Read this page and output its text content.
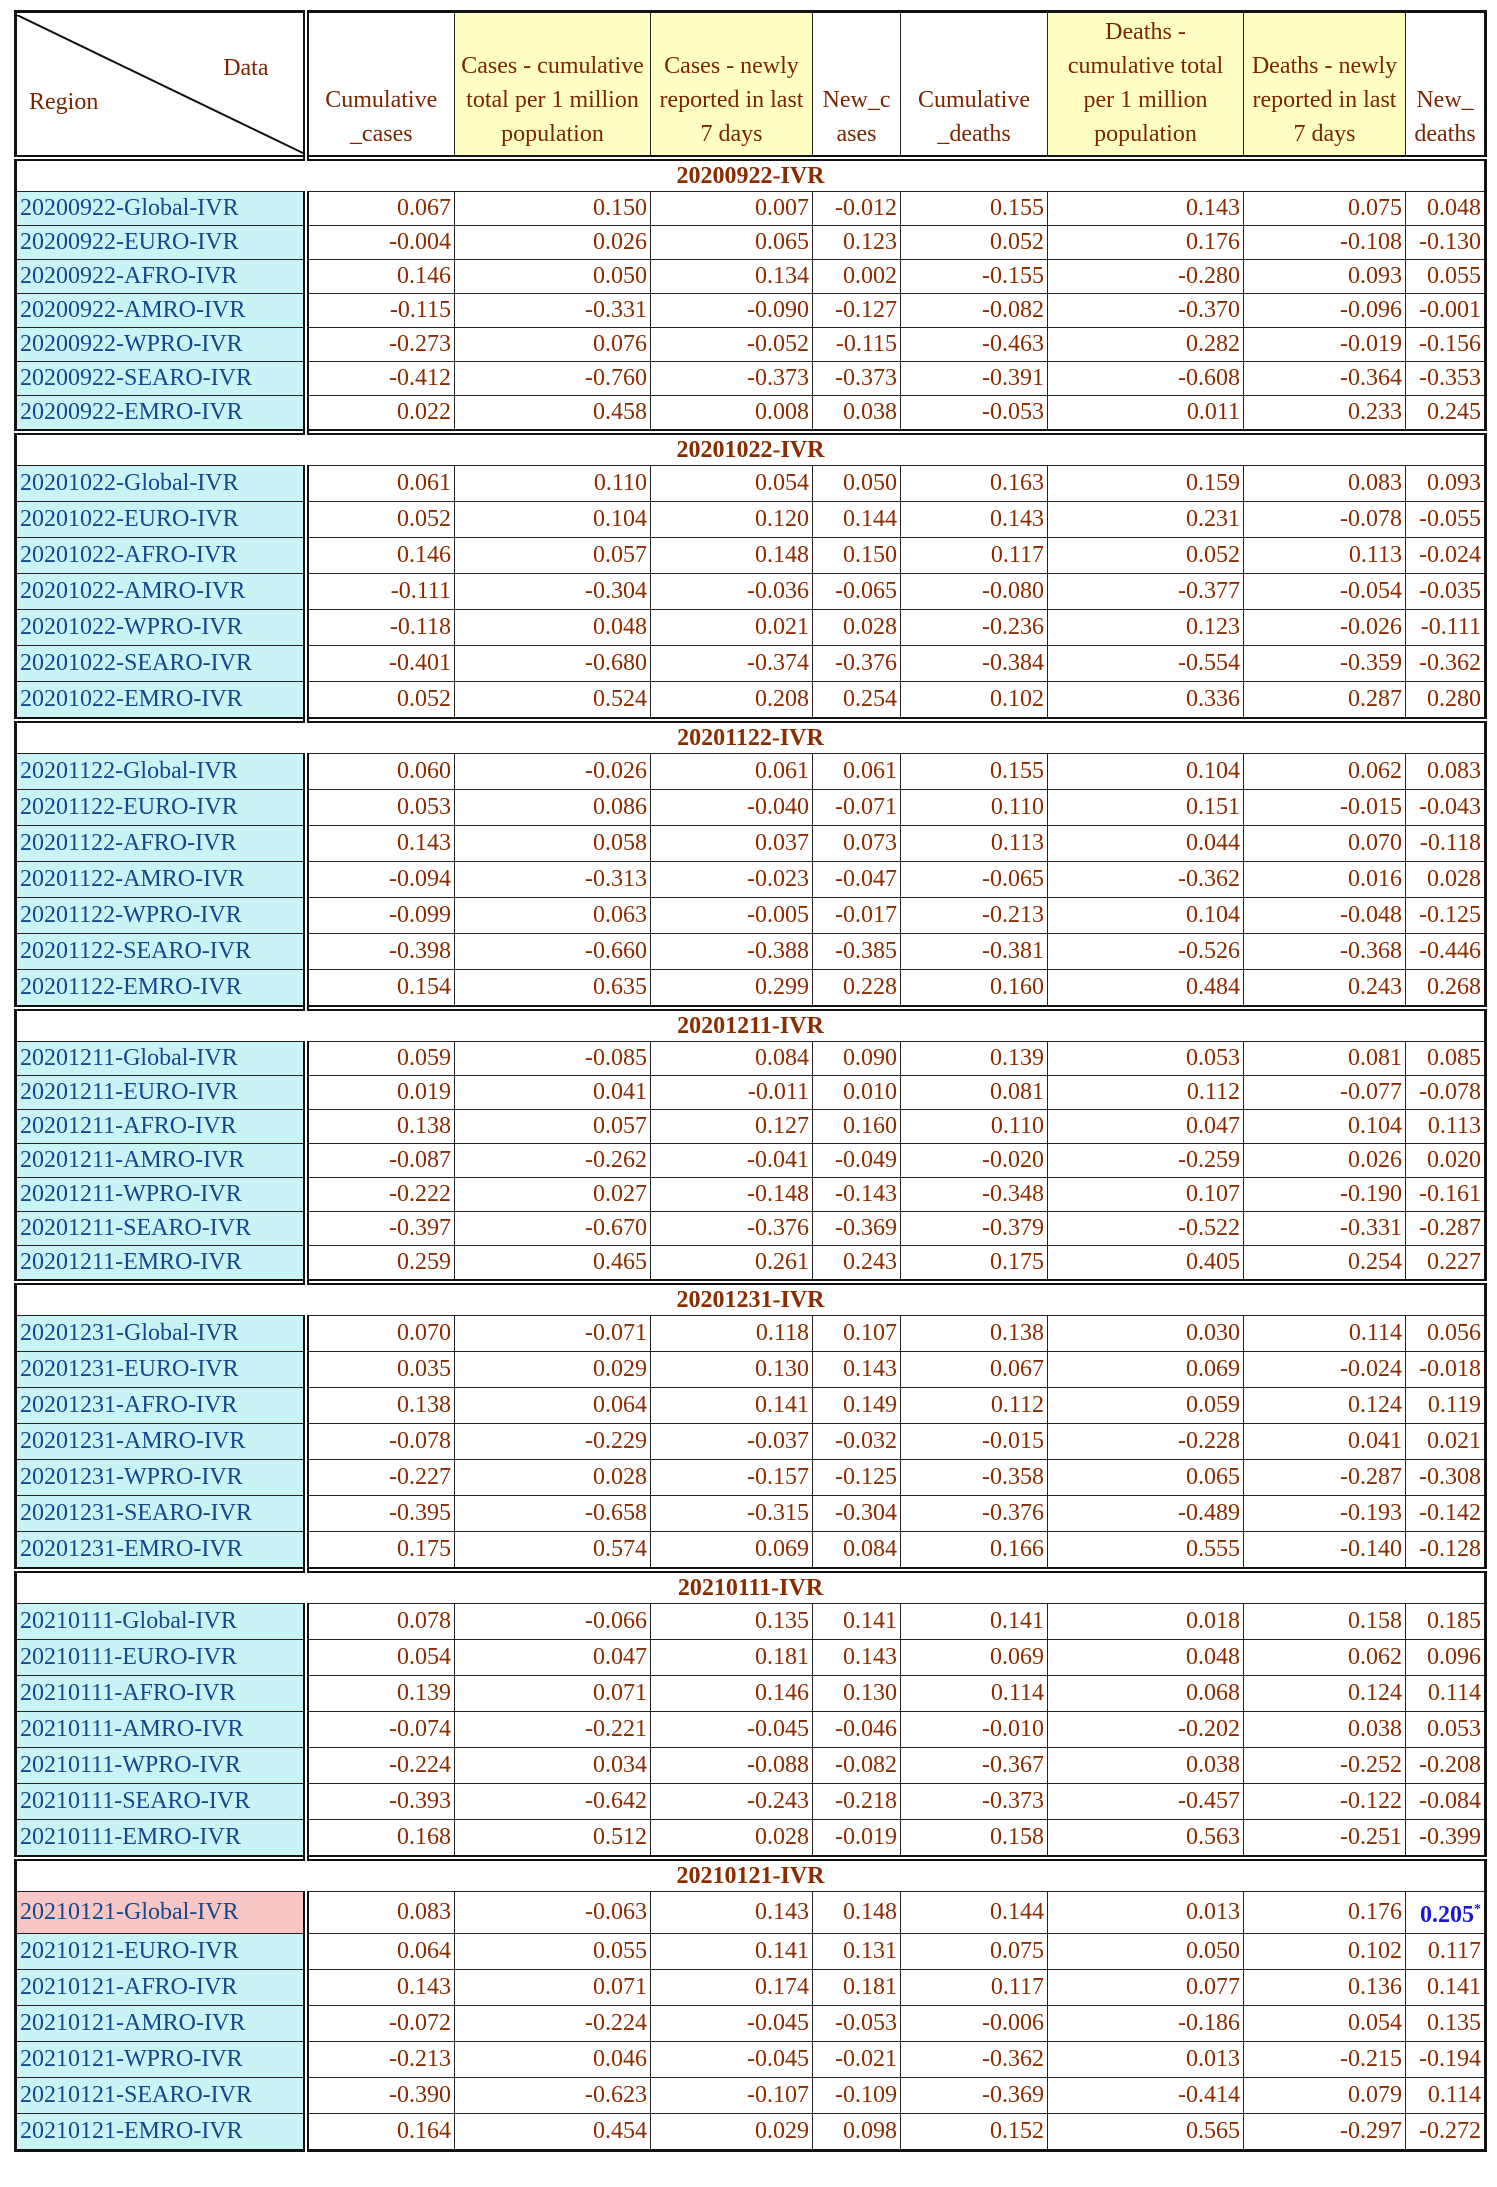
Data
Region	Cumulative _cases	Cases - cumulative total per 1 million population	Cases - newly reported in last 7 days	New_c ases	Cumulative _deaths	Deaths - cumulative total per 1 million population	Deaths - newly reported in last 7 days	New_ deaths
20200922-IVR								
20200922-Global-IVR	0.067	0.150	0.007	-0.012	0.155	0.143	0.075	0.048
20200922-EURO-IVR	-0.004	0.026	0.065	0.123	0.052	0.176	-0.108	-0.130
20200922-AFRO-IVR	0.146	0.050	0.134	0.002	-0.155	-0.280	0.093	0.055
20200922-AMRO-IVR	-0.115	-0.331	-0.090	-0.127	-0.082	-0.370	-0.096	-0.001
20200922-WPRO-IVR	-0.273	0.076	-0.052	-0.115	-0.463	0.282	-0.019	-0.156
20200922-SEARO-IVR	-0.412	-0.760	-0.373	-0.373	-0.391	-0.608	-0.364	-0.353
20200922-EMRO-IVR	0.022	0.458	0.008	0.038	-0.053	0.011	0.233	0.245
20201022-IVR								
20201022-Global-IVR	0.061	0.110	0.054	0.050	0.163	0.159	0.083	0.093
20201022-EURO-IVR	0.052	0.104	0.120	0.144	0.143	0.231	-0.078	-0.055
20201022-AFRO-IVR	0.146	0.057	0.148	0.150	0.117	0.052	0.113	-0.024
20201022-AMRO-IVR	-0.111	-0.304	-0.036	-0.065	-0.080	-0.377	-0.054	-0.035
20201022-WPRO-IVR	-0.118	0.048	0.021	0.028	-0.236	0.123	-0.026	-0.111
20201022-SEARO-IVR	-0.401	-0.680	-0.374	-0.376	-0.384	-0.554	-0.359	-0.362
20201022-EMRO-IVR	0.052	0.524	0.208	0.254	0.102	0.336	0.287	0.280
20201122-IVR								
20201122-Global-IVR	0.060	-0.026	0.061	0.061	0.155	0.104	0.062	0.083
20201122-EURO-IVR	0.053	0.086	-0.040	-0.071	0.110	0.151	-0.015	-0.043
20201122-AFRO-IVR	0.143	0.058	0.037	0.073	0.113	0.044	0.070	-0.118
20201122-AMRO-IVR	-0.094	-0.313	-0.023	-0.047	-0.065	-0.362	0.016	0.028
20201122-WPRO-IVR	-0.099	0.063	-0.005	-0.017	-0.213	0.104	-0.048	-0.125
20201122-SEARO-IVR	-0.398	-0.660	-0.388	-0.385	-0.381	-0.526	-0.368	-0.446
20201122-EMRO-IVR	0.154	0.635	0.299	0.228	0.160	0.484	0.243	0.268
20201211-IVR								
20201211-Global-IVR	0.059	-0.085	0.084	0.090	0.139	0.053	0.081	0.085
20201211-EURO-IVR	0.019	0.041	-0.011	0.010	0.081	0.112	-0.077	-0.078
20201211-AFRO-IVR	0.138	0.057	0.127	0.160	0.110	0.047	0.104	0.113
20201211-AMRO-IVR	-0.087	-0.262	-0.041	-0.049	-0.020	-0.259	0.026	0.020
20201211-WPRO-IVR	-0.222	0.027	-0.148	-0.143	-0.348	0.107	-0.190	-0.161
20201211-SEARO-IVR	-0.397	-0.670	-0.376	-0.369	-0.379	-0.522	-0.331	-0.287
20201211-EMRO-IVR	0.259	0.465	0.261	0.243	0.175	0.405	0.254	0.227
20201231-IVR								
20201231-Global-IVR	0.070	-0.071	0.118	0.107	0.138	0.030	0.114	0.056
20201231-EURO-IVR	0.035	0.029	0.130	0.143	0.067	0.069	-0.024	-0.018
20201231-AFRO-IVR	0.138	0.064	0.141	0.149	0.112	0.059	0.124	0.119
20201231-AMRO-IVR	-0.078	-0.229	-0.037	-0.032	-0.015	-0.228	0.041	0.021
20201231-WPRO-IVR	-0.227	0.028	-0.157	-0.125	-0.358	0.065	-0.287	-0.308
20201231-SEARO-IVR	-0.395	-0.658	-0.315	-0.304	-0.376	-0.489	-0.193	-0.142
20201231-EMRO-IVR	0.175	0.574	0.069	0.084	0.166	0.555	-0.140	-0.128
20210111-IVR								
20210111-Global-IVR	0.078	-0.066	0.135	0.141	0.141	0.018	0.158	0.185
20210111-EURO-IVR	0.054	0.047	0.181	0.143	0.069	0.048	0.062	0.096
20210111-AFRO-IVR	0.139	0.071	0.146	0.130	0.114	0.068	0.124	0.114
20210111-AMRO-IVR	-0.074	-0.221	-0.045	-0.046	-0.010	-0.202	0.038	0.053
20210111-WPRO-IVR	-0.224	0.034	-0.088	-0.082	-0.367	0.038	-0.252	-0.208
20210111-SEARO-IVR	-0.393	-0.642	-0.243	-0.218	-0.373	-0.457	-0.122	-0.084
20210111-EMRO-IVR	0.168	0.512	0.028	-0.019	0.158	0.563	-0.251	-0.399
20210121-IVR								
20210121-Global-IVR	0.083	-0.063	0.143	0.148	0.144	0.013	0.176	0.205*
20210121-EURO-IVR	0.064	0.055	0.141	0.131	0.075	0.050	0.102	0.117
20210121-AFRO-IVR	0.143	0.071	0.174	0.181	0.117	0.077	0.136	0.141
20210121-AMRO-IVR	-0.072	-0.224	-0.045	-0.053	-0.006	-0.186	0.054	0.135
20210121-WPRO-IVR	-0.213	0.046	-0.045	-0.021	-0.362	0.013	-0.215	-0.194
20210121-SEARO-IVR	-0.390	-0.623	-0.107	-0.109	-0.369	-0.414	0.079	0.114
20210121-EMRO-IVR	0.164	0.454	0.029	0.098	0.152	0.565	-0.297	-0.272
